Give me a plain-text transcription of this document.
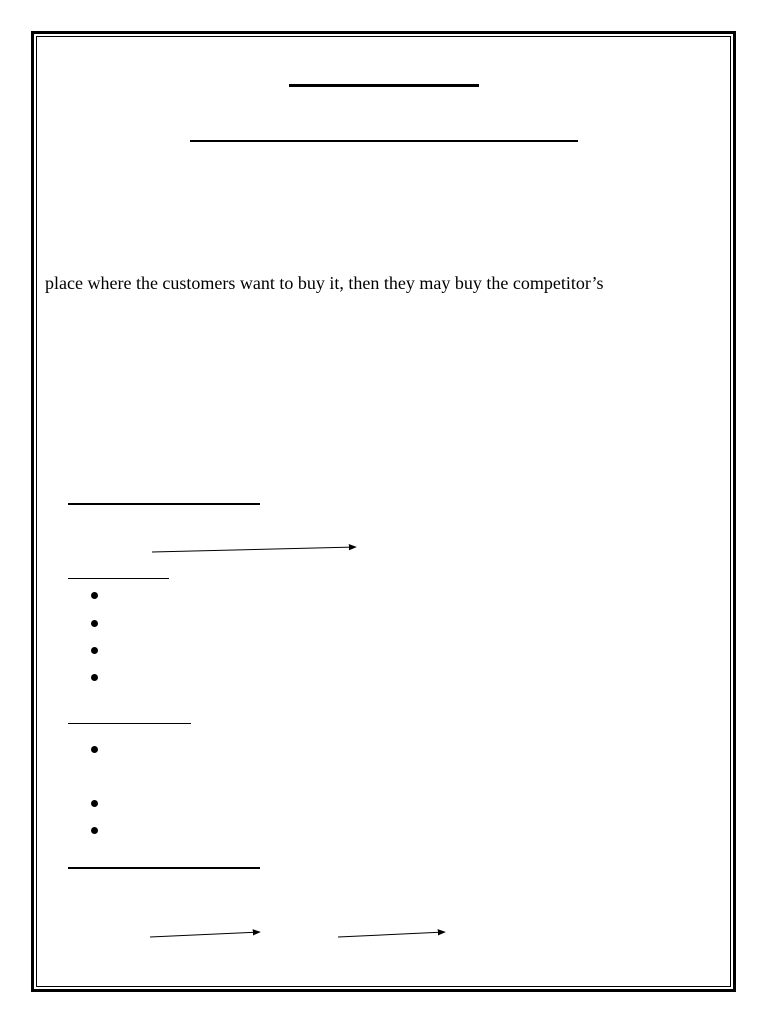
place where the customers want to buy it, then they may buy the competitor’s
